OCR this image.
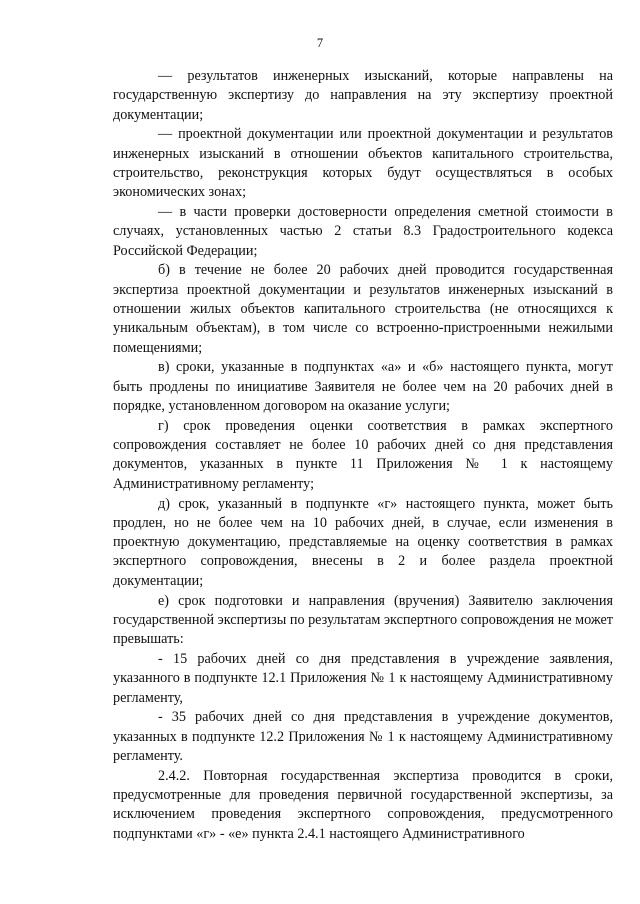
7

— результатов инженерных изысканий, которые направлены на государственную экспертизу до направления на эту экспертизу проектной документации;

— проектной документации или проектной документации и результатов инженерных изысканий в отношении объектов капитального строительства, строительство, реконструкция которых будут осуществляться в особых экономических зонах;

— в части проверки достоверности определения сметной стоимости в случаях, установленных частью 2 статьи 8.3 Градостроительного кодекса Российской Федерации;

б) в течение не более 20 рабочих дней проводится государственная экспертиза проектной документации и результатов инженерных изысканий в отношении жилых объектов капитального строительства (не относящихся к уникальным объектам), в том числе со встроенно-пристроенными нежилыми помещениями;

в) сроки, указанные в подпунктах «а» и «б» настоящего пункта, могут быть продлены по инициативе Заявителя не более чем на 20 рабочих дней в порядке, установленном договором на оказание услуги;

г) срок проведения оценки соответствия в рамках экспертного сопровождения составляет не более 10 рабочих дней со дня представления документов, указанных в пункте 11 Приложения № 1 к настоящему Административному регламенту;

д) срок, указанный в подпункте «г» настоящего пункта, может быть продлен, но не более чем на 10 рабочих дней, в случае, если изменения в проектную документацию, представляемые на оценку соответствия в рамках экспертного сопровождения, внесены в 2 и более раздела проектной документации;

е) срок подготовки и направления (вручения) Заявителю заключения государственной экспертизы по результатам экспертного сопровождения не может превышать:

- 15 рабочих дней со дня представления в учреждение заявления, указанного в подпункте 12.1 Приложения № 1 к настоящему Административному регламенту,

- 35 рабочих дней со дня представления в учреждение документов, указанных в подпункте 12.2 Приложения № 1 к настоящему Административному регламенту.

2.4.2. Повторная государственная экспертиза проводится в сроки, предусмотренные для проведения первичной государственной экспертизы, за исключением проведения экспертного сопровождения, предусмотренного подпунктами «г» - «е» пункта 2.4.1 настоящего Административного
